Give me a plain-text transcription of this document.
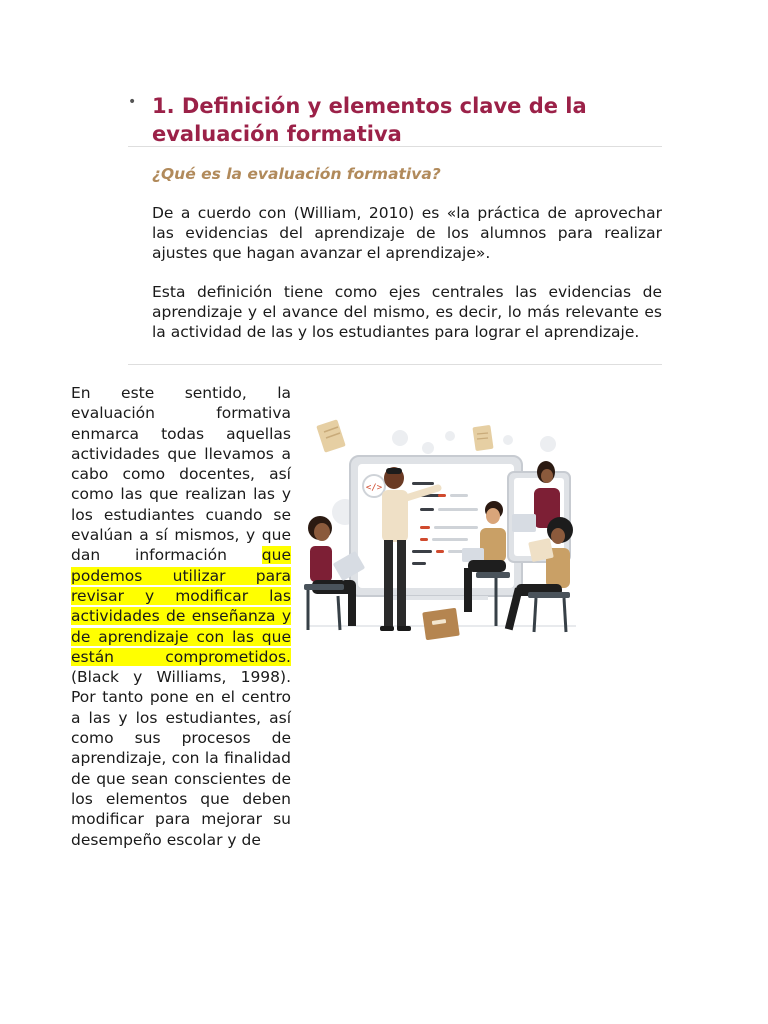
• 1. Definición y elementos clave de la evaluación formativa
¿Qué es la evaluación formativa?

De a cuerdo con (William, 2010) es «la práctica de aprovechar las evidencias del aprendizaje de los alumnos para realizar ajustes que hagan avanzar el aprendizaje».

Esta definición tiene como ejes centrales las evidencias de aprendizaje y el avance del mismo, es decir, lo más relevante es la actividad de las y los estudiantes para lograr el aprendizaje.

En este sentido, la evaluación formativa enmarca todas aquellas actividades que llevamos a cabo como docentes, así como las que realizan las y los estudiantes cuando se evalúan a sí mismos, y que dan información que podemos utilizar para revisar y modificar las actividades de enseñanza y de aprendizaje con las que están comprometidos. (Black y Williams, 1998). Por tanto pone en el centro a las y los estudiantes, así como sus procesos de aprendizaje, con la finalidad de que sean conscientes de los elementos que deben modificar para mejorar su desempeño escolar y de

</>
